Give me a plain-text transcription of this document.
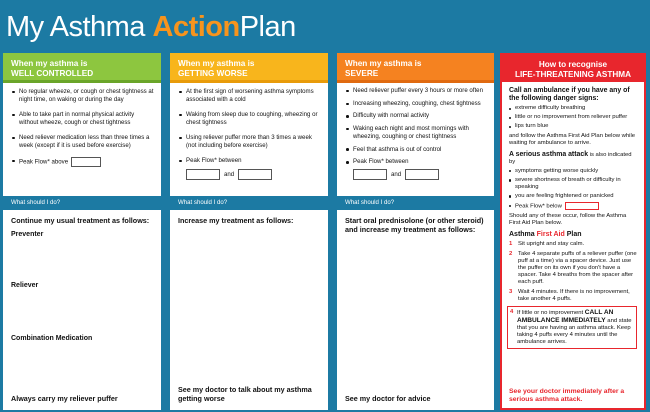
My Asthma ActionPlan
When my asthma is
WELL CONTROLLED
No regular wheeze, or cough or chest tightness at night time, on waking or during the day
Able to take part in normal physical activity without wheeze, cough or chest tightness
Need reliever medication less than three times a week (except if it is used before exercise)
Peak Flow* above
What should I do?
Continue my usual treatment as follows:
Preventer
Reliever
Combination Medication
Always carry my reliever puffer
When my asthma is
GETTING WORSE
At the first sign of worsening asthma symptoms associated with a cold
Waking from sleep due to coughing, wheezing or chest tightness
Using reliever puffer more than 3 times a week (not including before exercise)
Peak Flow* between
and
What should I do?
Increase my treatment as follows:
See my doctor to talk about my asthma getting worse
When my asthma is
SEVERE
Need reliever puffer every 3 hours or more often
Increasing wheezing, coughing, chest tightness
Difficulty with normal activity
Waking each night and most mornings with wheezing, coughing or chest tightness
Feel that asthma is out of control
Peak Flow* between
and
What should I do?
Start oral prednisolone (or other steroid) and increase my treatment as follows:
See my doctor for advice
How to recognise
LIFE-THREATENING ASTHMA
Call an ambulance if you have any of the following danger signs:
extreme difficulty breathing
little or no improvement from reliever puffer
lips turn blue

and follow the Asthma First Aid Plan below while waiting for ambulance to arrive.

A serious asthma attack is also indicated by
symptoms getting worse quickly
severe shortness of breath or difficulty in speaking
you are feeling frightened or panicked
Peak Flow* below

Should any of these occur, follow the Asthma First Aid Plan below.

Asthma First Aid Plan
1 Sit upright and stay calm.
2 Take 4 separate puffs of a reliever puffer (one puff at a time) via a spacer device. Just use the puffer on its own if you don't have a spacer. Take 4 breaths from the spacer after each puff.
3 Wait 4 minutes. If there is no improvement, take another 4 puffs.
4 If little or no improvement CALL AN AMBULANCE IMMEDIATELY and state that you are having an asthma attack. Keep taking 4 puffs every 4 minutes until the ambulance arrives.
See your doctor immediately after a serious asthma attack.
